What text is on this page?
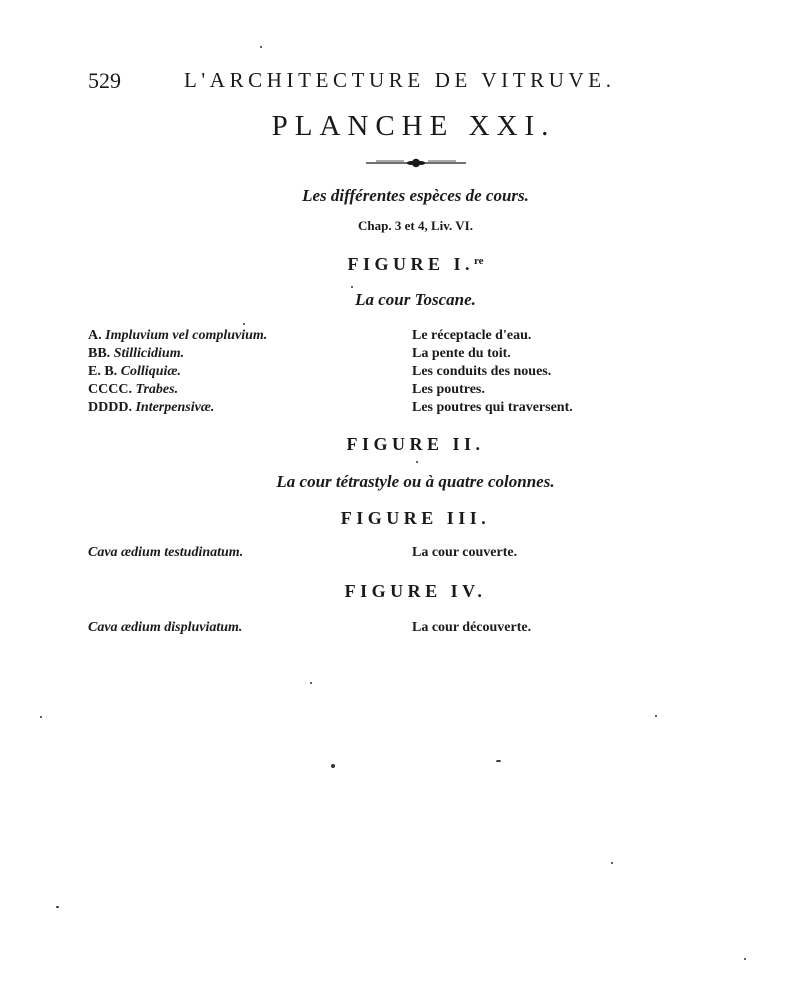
529	L'ARCHITECTURE DE VITRUVE.
PLANCHE XXI.
Les différentes espèces de cours.
Chap. 3 et 4, Liv. VI.
FIGURE I.$^{re}$
La cour Toscane.
A. Impluvium vel compluvium.	Le réceptacle d'eau.
BB. Stillicidium.	La pente du toit.
E. B. Colliquiæ.	Les conduits des noues.
CCCC. Trabes.	Les poutres.
DDDD. Interpensivæ.	Les poutres qui traversent.
FIGURE II.
La cour tétrastyle ou à quatre colonnes.
FIGURE III.
Cava ædium testudinatum.	La cour couverte.
FIGURE IV.
Cava ædium displuviatum.	La cour découverte.
